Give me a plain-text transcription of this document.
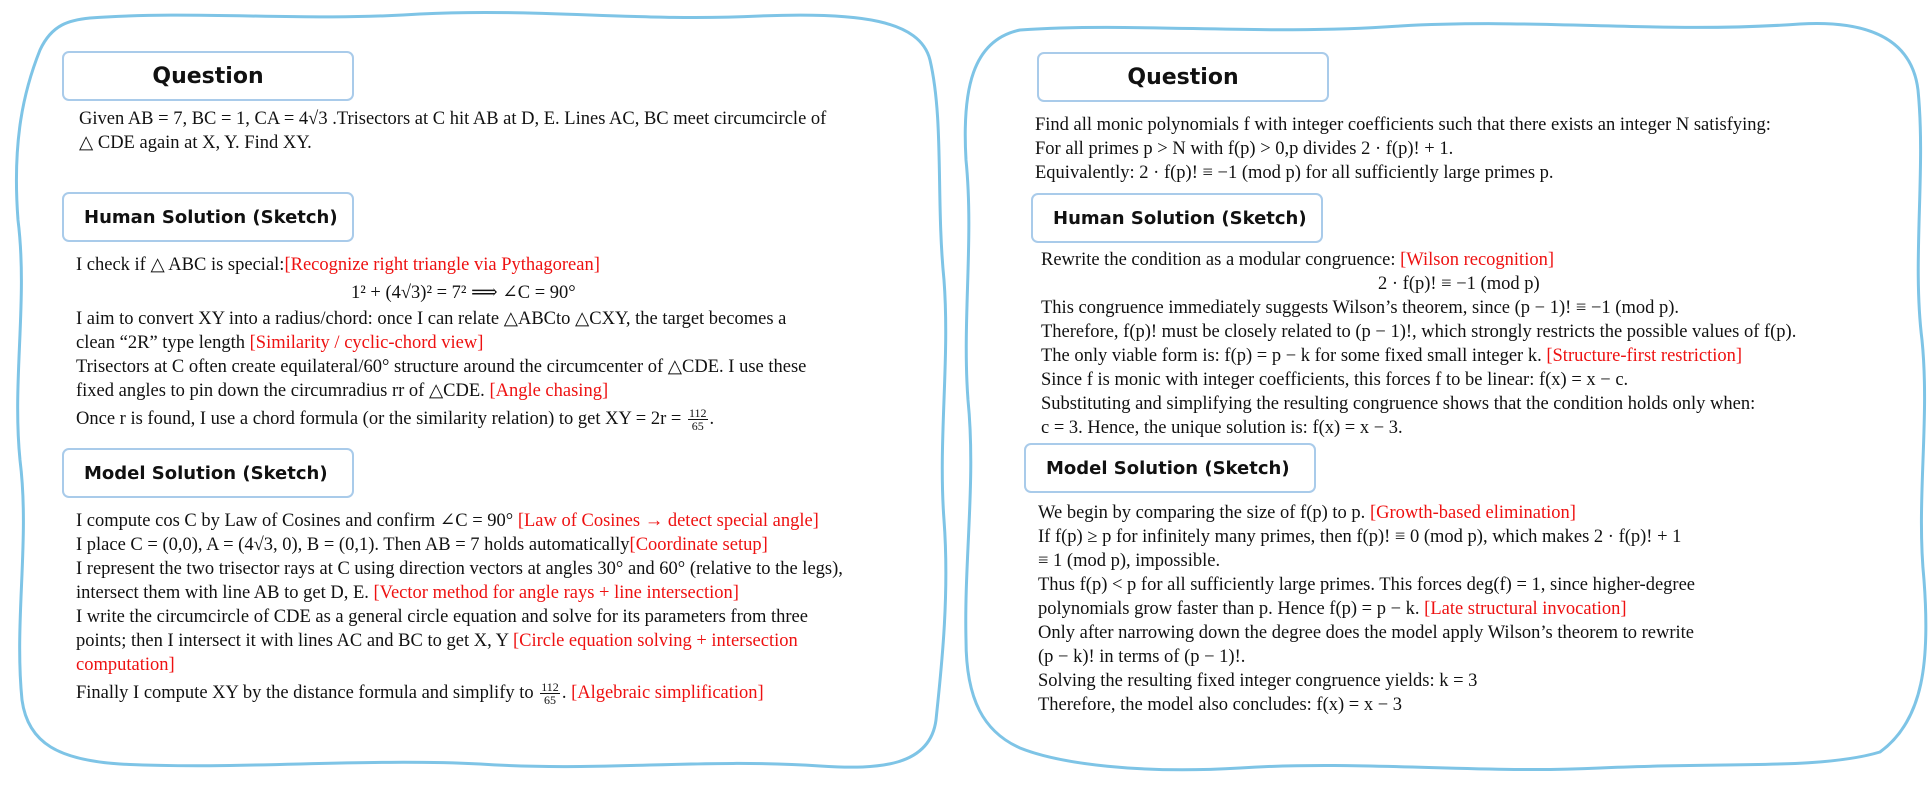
Question
Given AB = 7, BC = 1, CA = 4√3 .Trisectors at C hit AB at D, E. Lines AC, BC meet circumcircle of
△ CDE again at X, Y. Find XY.
Human Solution (Sketch)
I check if △ ABC is special:[Recognize right triangle via Pythagorean]
1² + (4√3)² = 7² ⟹ ∠C = 90°
I aim to convert XY into a radius/chord: once I can relate △ABCto △CXY, the target becomes a
clean “2R” type length [Similarity / cyclic-chord view]
Trisectors at C often create equilateral/60° structure around the circumcenter of △CDE. I use these
fixed angles to pin down the circumradius rr of △CDE. [Angle chasing]
Once r is found, I use a chord formula (or the similarity relation) to get XY = $2r = \frac{112}{65}$ .
Model Solution (Sketch)
I compute cos C by Law of Cosines and confirm ∠C = 90° [Law of Cosines → detect special angle]
I place C = (0,0), A = (4√3, 0), B = (0,1). Then AB = 7 holds automatically[Coordinate setup]
I represent the two trisector rays at C using direction vectors at angles 30° and 60° (relative to the legs),
intersect them with line AB to get D, E. [Vector method for angle rays + line intersection]
I write the circumcircle of CDE as a general circle equation and solve for its parameters from three
points; then I intersect it with lines AC and BC to get X, Y [Circle equation solving + intersection
computation]
Finally I compute XY by the distance formula and simplify to $\frac{112}{65}$ . [Algebraic simplification]
Question
Find all monic polynomials f with integer coefficients such that there exists an integer N satisfying:
For all primes p > N with f(p) > 0,p divides 2 · f(p)! + 1.
Equivalently: 2 · f(p)! ≡ −1 (mod p) for all sufficiently large primes p.
Human Solution (Sketch)
Rewrite the condition as a modular congruence: [Wilson recognition]
2 · f(p)! ≡ −1 (mod p)
This congruence immediately suggests Wilson’s theorem, since (p − 1)! ≡ −1 (mod p).
Therefore, f(p)! must be closely related to (p − 1)!, which strongly restricts the possible values of f(p).
The only viable form is: f(p) = p − k for some fixed small integer k. [Structure-first restriction]
Since f is monic with integer coefficients, this forces f to be linear: f(x) = x − c.
Substituting and simplifying the resulting congruence shows that the condition holds only when:
c = 3. Hence, the unique solution is: f(x) = x − 3.
Model Solution (Sketch)
We begin by comparing the size of f(p) to p. [Growth-based elimination]
If f(p) ≥ p for infinitely many primes, then f(p)! ≡ 0 (mod p), which makes 2 · f(p)! + 1
≡ 1 (mod p), impossible.
Thus f(p) < p for all sufficiently large primes. This forces deg(f) = 1, since higher-degree
polynomials grow faster than p. Hence f(p) = p − k. [Late structural invocation]
Only after narrowing down the degree does the model apply Wilson’s theorem to rewrite
(p − k)! in terms of (p − 1)!.
Solving the resulting fixed integer congruence yields: k = 3
Therefore, the model also concludes: f(x) = x − 3
